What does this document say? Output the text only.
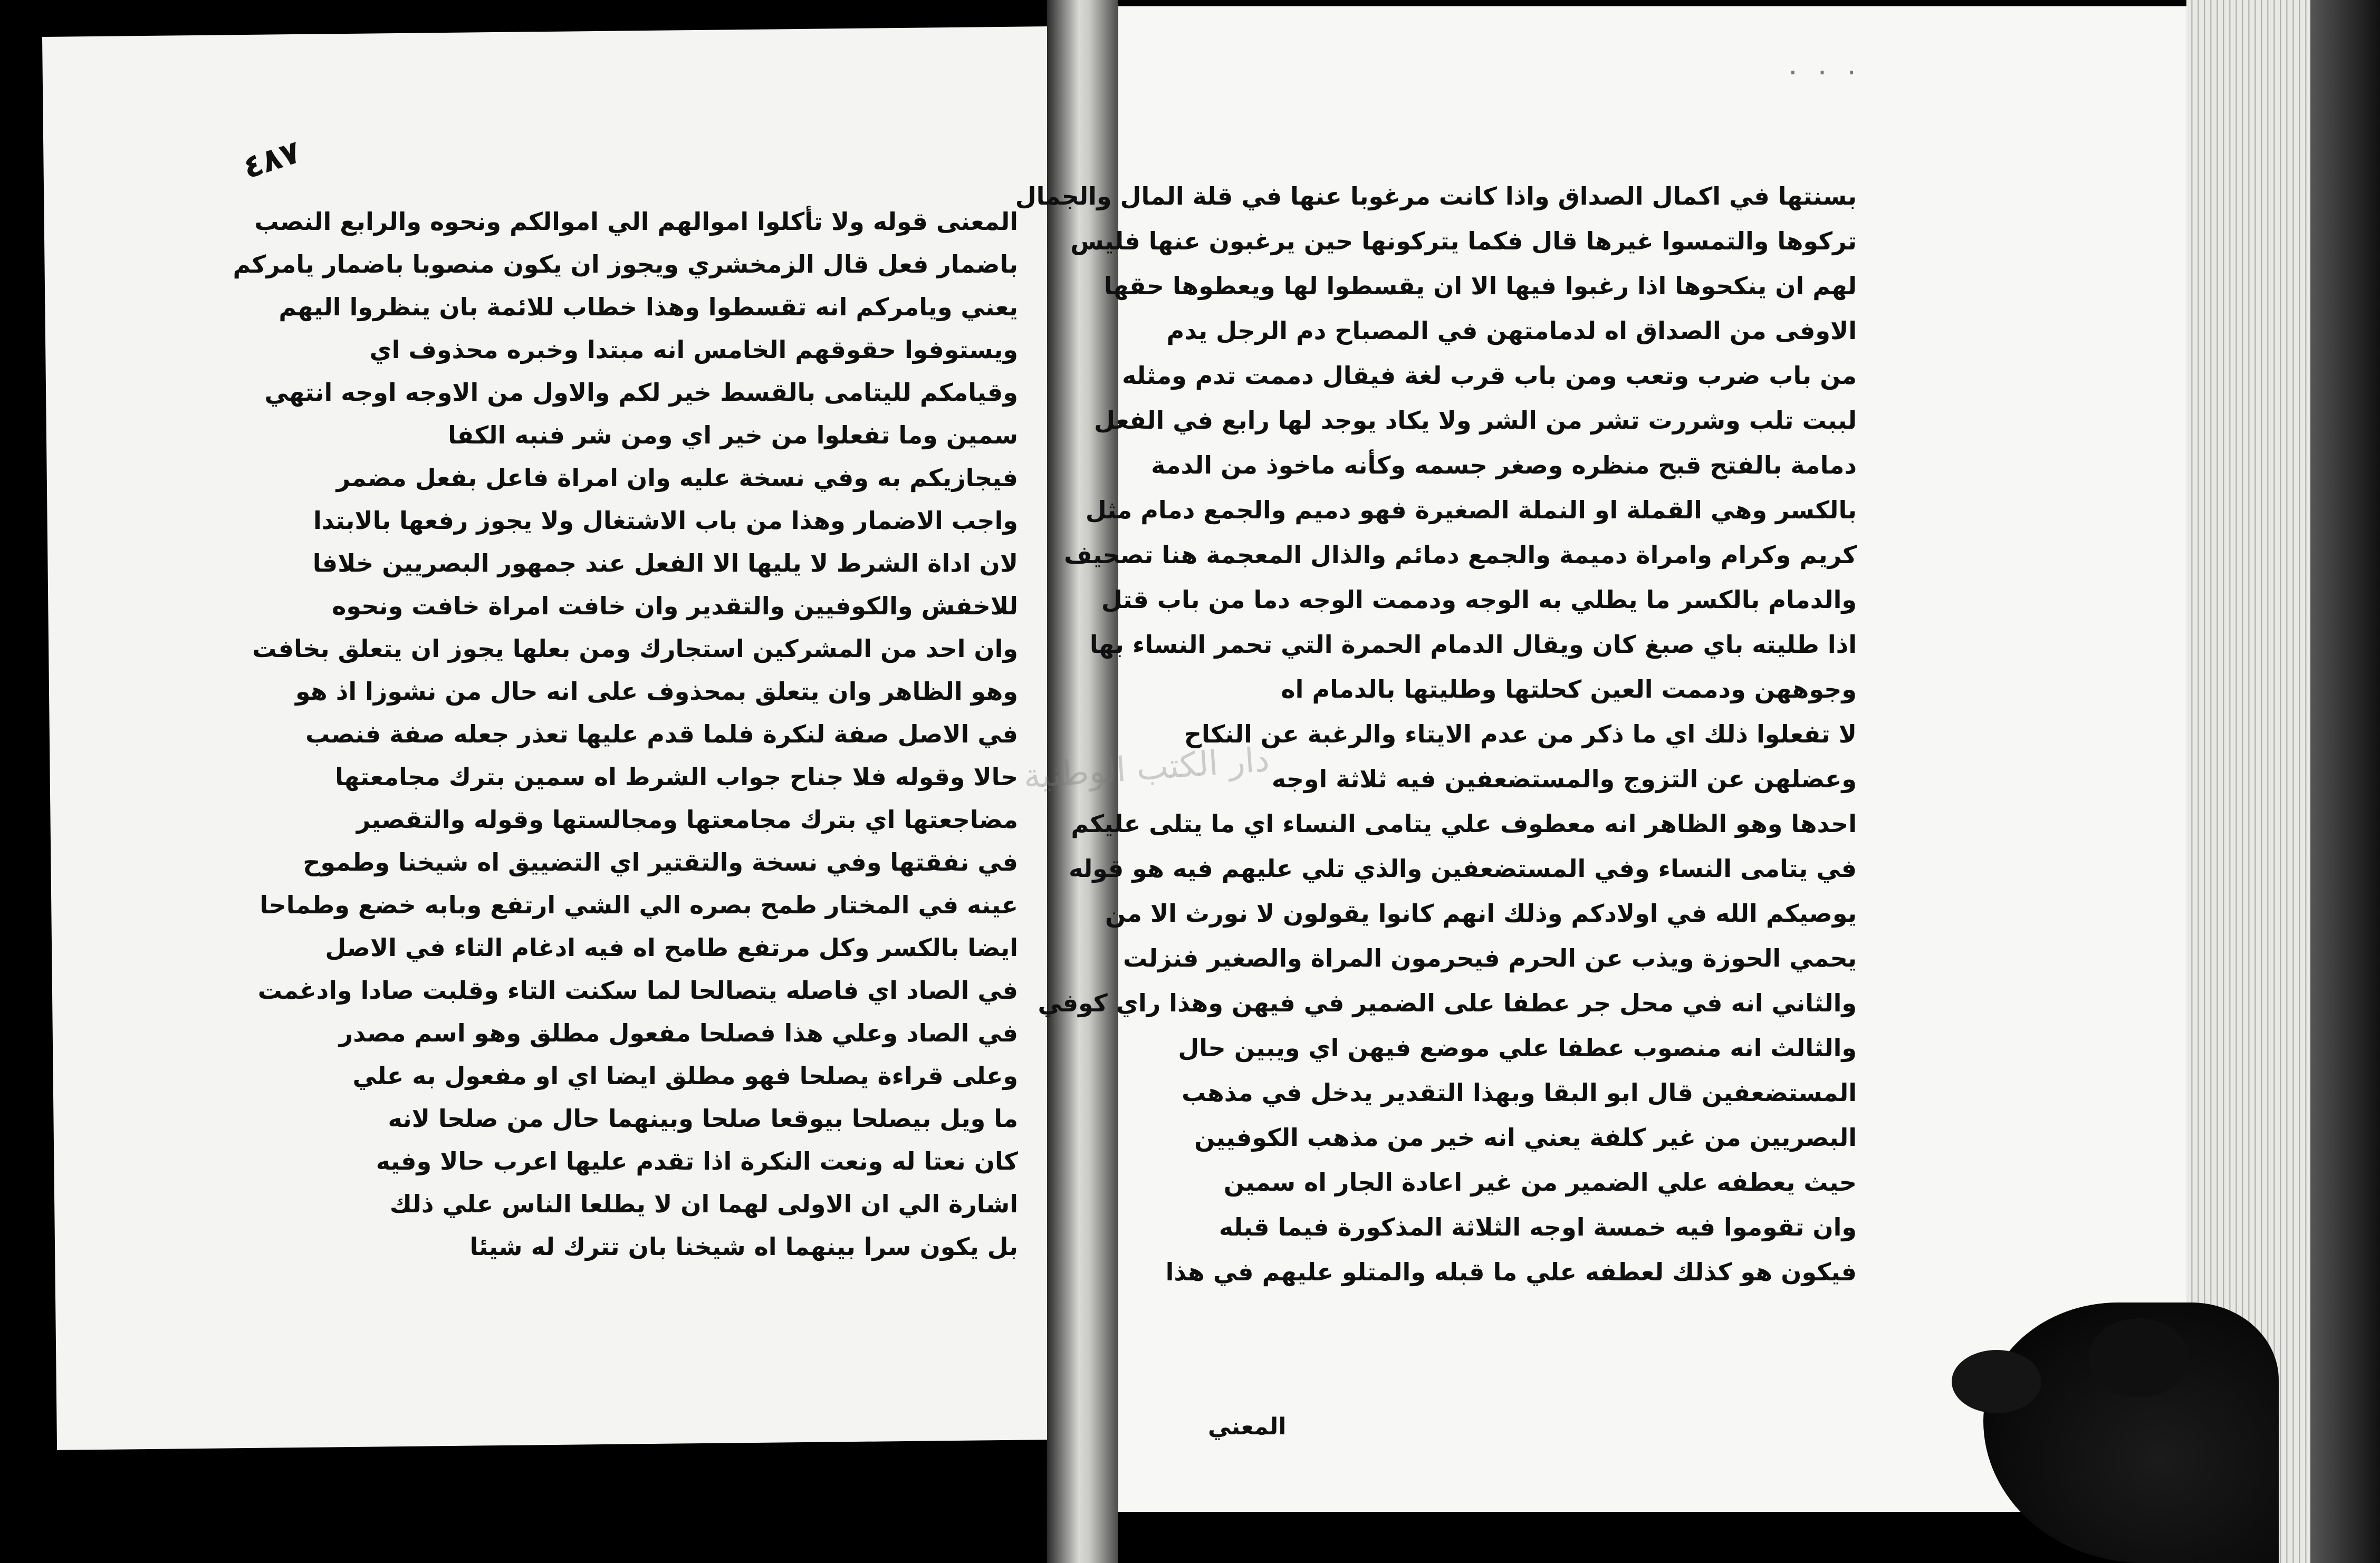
٤٨٧
. . .
المعنى قوله ولا تأكلوا اموالهم الي اموالكم ونحوه والرابع النصب
باضمار فعل قال الزمخشري ويجوز ان يكون منصوبا باضمار يامركم
يعني ويامركم انه تقسطوا وهذا خطاب للائمة بان ينظروا اليهم
ويستوفوا حقوقهم الخامس انه مبتدا وخبره محذوف اي
وقيامكم لليتامى بالقسط خير لكم والاول من الاوجه اوجه انتهي
سمين وما تفعلوا من خير اي ومن شر فنبه الكفا
فيجازيكم به وفي نسخة عليه وان امراة فاعل بفعل مضمر
واجب الاضمار وهذا من باب الاشتغال ولا يجوز رفعها بالابتدا
لان اداة الشرط لا يليها الا الفعل عند جمهور البصريين خلافا
للاخفش والكوفيين والتقدير وان خافت امراة خافت ونحوه
وان احد من المشركين استجارك ومن بعلها يجوز ان يتعلق بخافت
وهو الظاهر وان يتعلق بمحذوف على انه حال من نشوزا اذ هو
في الاصل صفة لنكرة فلما قدم عليها تعذر جعله صفة فنصب
حالا وقوله فلا جناح جواب الشرط اه سمين بترك مجامعتها
مضاجعتها اي بترك مجامعتها ومجالستها وقوله والتقصير
في نفقتها وفي نسخة والتقتير اي التضييق اه شيخنا وطموح
عينه في المختار طمح بصره الي الشي ارتفع وبابه خضع وطماحا
ايضا بالكسر وكل مرتفع طامح اه فيه ادغام التاء في الاصل
في الصاد اي فاصله يتصالحا لما سكنت التاء وقلبت صادا وادغمت
في الصاد وعلي هذا فصلحا مفعول مطلق وهو اسم مصدر
وعلى قراءة يصلحا فهو مطلق ايضا اي او مفعول به علي
ما ويل بيصلحا بيوقعا صلحا وبينهما حال من صلحا لانه
كان نعتا له ونعت النكرة اذا تقدم عليها اعرب حالا وفيه
اشارة الي ان الاولى لهما ان لا يطلعا الناس علي ذلك
بل يكون سرا بينهما اه شيخنا بان تترك له شيئا
بسنتها في اكمال الصداق واذا كانت مرغوبا عنها في قلة المال والجمال
تركوها والتمسوا غيرها قال فكما يتركونها حين يرغبون عنها فليس
لهم ان ينكحوها اذا رغبوا فيها الا ان يقسطوا لها ويعطوها حقها
الاوفى من الصداق اه لدمامتهن في المصباح دم الرجل يدم
من باب ضرب وتعب ومن باب قرب لغة فيقال دممت تدم ومثله
لببت تلب وشررت تشر من الشر ولا يكاد يوجد لها رابع في الفعل
دمامة بالفتح قبح منظره وصغر جسمه وكأنه ماخوذ من الدمة
بالكسر وهي القملة او النملة الصغيرة فهو دميم والجمع دمام مثل
كريم وكرام وامراة دميمة والجمع دمائم والذال المعجمة هنا تصحيف
والدمام بالكسر ما يطلي به الوجه ودممت الوجه دما من باب قتل
اذا طليته باي صبغ كان ويقال الدمام الحمرة التي تحمر النساء بها
وجوههن ودممت العين كحلتها وطليتها بالدمام اه
لا تفعلوا ذلك اي ما ذكر من عدم الايتاء والرغبة عن النكاح
وعضلهن عن التزوج والمستضعفين فيه ثلاثة اوجه
احدها وهو الظاهر انه معطوف علي يتامى النساء اي ما يتلى عليكم
في يتامى النساء وفي المستضعفين والذي تلي عليهم فيه هو قوله
يوصيكم الله في اولادكم وذلك انهم كانوا يقولون لا نورث الا من
يحمي الحوزة ويذب عن الحرم فيحرمون المراة والصغير فنزلت
والثاني انه في محل جر عطفا على الضمير في فيهن وهذا راي كوفي
والثالث انه منصوب عطفا علي موضع فيهن اي ويبين حال
المستضعفين قال ابو البقا وبهذا التقدير يدخل في مذهب
البصريين من غير كلفة يعني انه خير من مذهب الكوفيين
حيث يعطفه علي الضمير من غير اعادة الجار اه سمين
وان تقوموا فيه خمسة اوجه الثلاثة المذكورة فيما قبله
فيكون هو كذلك لعطفه علي ما قبله والمتلو عليهم في هذا
دار الكتب الوطنية
المعني
